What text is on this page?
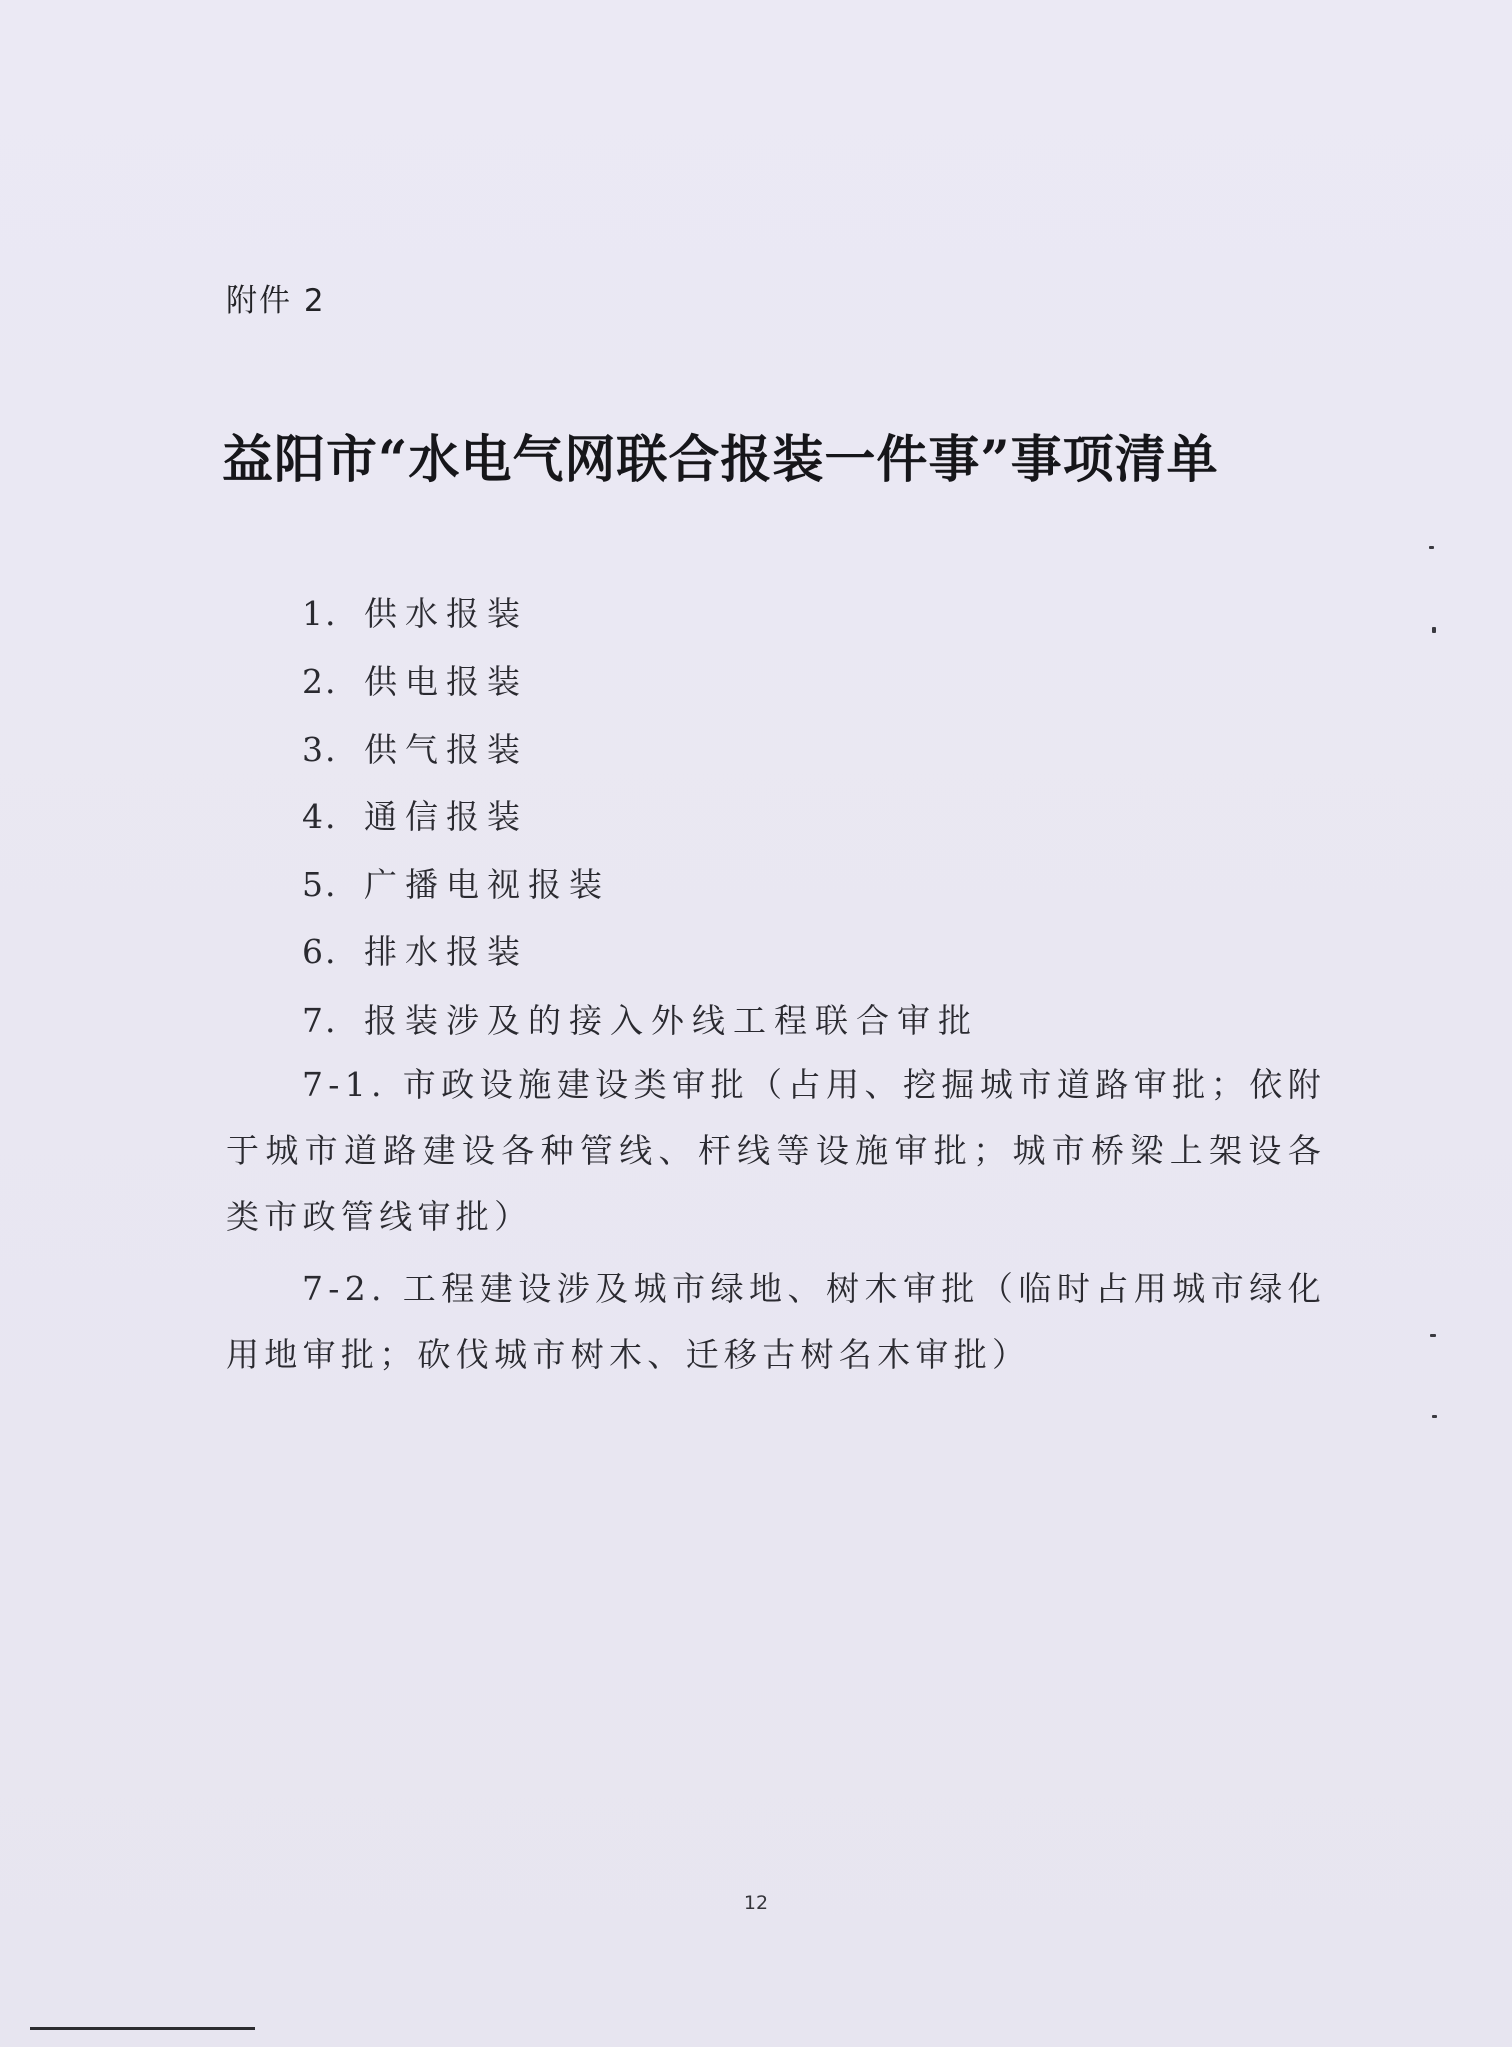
附件 2
益阳市“水电气网联合报装一件事”事项清单
1. 供水报装
2. 供电报装
3. 供气报装
4. 通信报装
5. 广播电视报装
6. 排水报装
7. 报装涉及的接入外线工程联合审批
7-1. 市政设施建设类审批（占用、挖掘城市道路审批；依附于城市道路建设各种管线、杆线等设施审批；城市桥梁上架设各类市政管线审批）
7-2. 工程建设涉及城市绿地、树木审批（临时占用城市绿化用地审批；砍伐城市树木、迁移古树名木审批）
12
